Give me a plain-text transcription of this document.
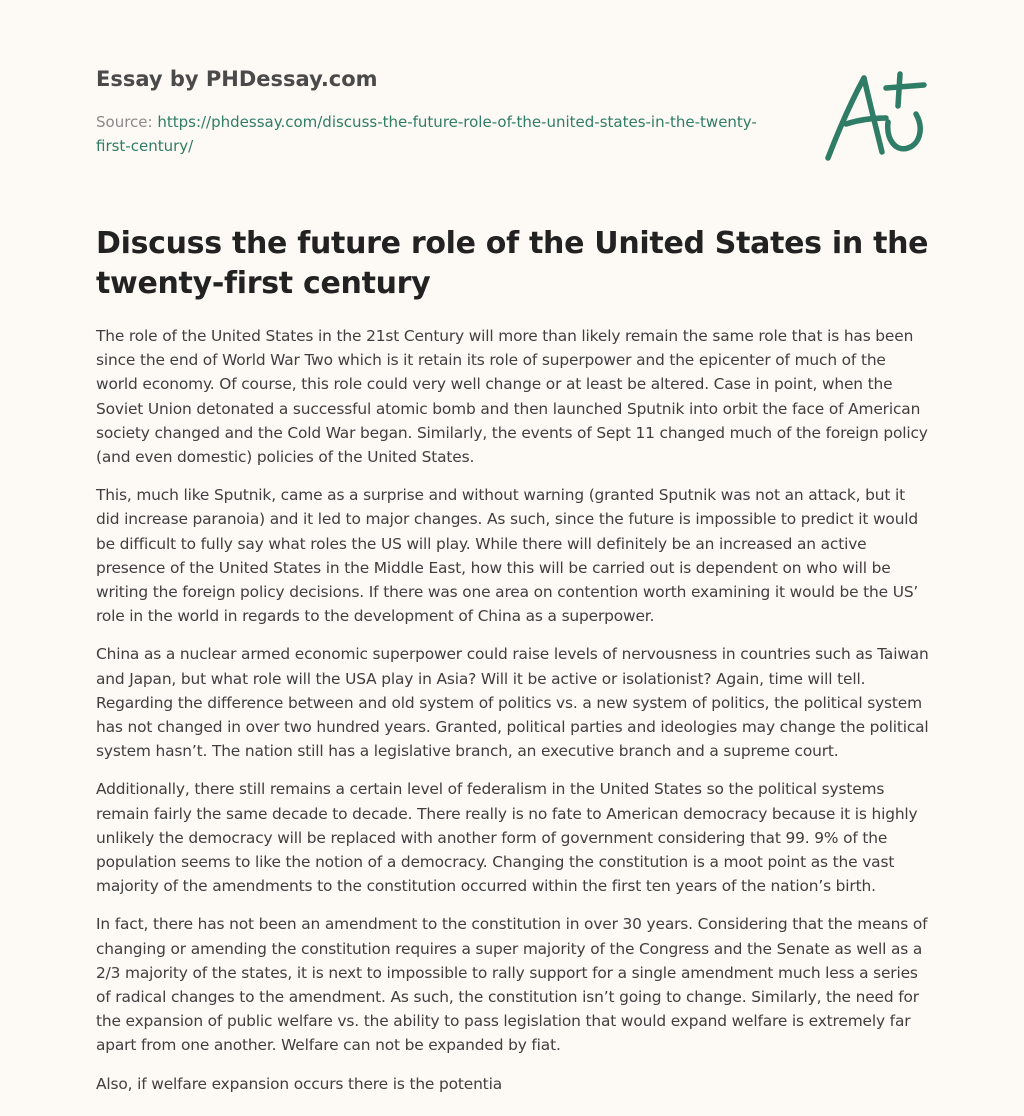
Essay by PHDessay.com

Source: https://phdessay.com/discuss-the-future-role-of-the-united-states-in-the-twenty-first-century/

Discuss the future role of the United States in the twenty-first century

The role of the United States in the 21st Century will more than likely remain the same role that is has been since the end of World War Two which is it retain its role of superpower and the epicenter of much of the world economy. Of course, this role could very well change or at least be altered. Case in point, when the Soviet Union detonated a successful atomic bomb and then launched Sputnik into orbit the face of American society changed and the Cold War began. Similarly, the events of Sept 11 changed much of the foreign policy (and even domestic) policies of the United States.

This, much like Sputnik, came as a surprise and without warning (granted Sputnik was not an attack, but it did increase paranoia) and it led to major changes. As such, since the future is impossible to predict it would be difficult to fully say what roles the US will play. While there will definitely be an increased an active presence of the United States in the Middle East, how this will be carried out is dependent on who will be writing the foreign policy decisions. If there was one area on contention worth examining it would be the US’ role in the world in regards to the development of China as a superpower.

China as a nuclear armed economic superpower could raise levels of nervousness in countries such as Taiwan and Japan, but what role will the USA play in Asia? Will it be active or isolationist? Again, time will tell. Regarding the difference between and old system of politics vs. a new system of politics, the political system has not changed in over two hundred years. Granted, political parties and ideologies may change the political system hasn’t. The nation still has a legislative branch, an executive branch and a supreme court.

Additionally, there still remains a certain level of federalism in the United States so the political systems remain fairly the same decade to decade. There really is no fate to American democracy because it is highly unlikely the democracy will be replaced with another form of government considering that 99. 9% of the population seems to like the notion of a democracy. Changing the constitution is a moot point as the vast majority of the amendments to the constitution occurred within the first ten years of the nation’s birth.

In fact, there has not been an amendment to the constitution in over 30 years. Considering that the means of changing or amending the constitution requires a super majority of the Congress and the Senate as well as a 2/3 majority of the states, it is next to impossible to rally support for a single amendment much less a series of radical changes to the amendment. As such, the constitution isn’t going to change. Similarly, the need for the expansion of public welfare vs. the ability to pass legislation that would expand welfare is extremely far apart from one another. Welfare can not be expanded by fiat.

Also, if welfare expansion occurs there is the potentia
